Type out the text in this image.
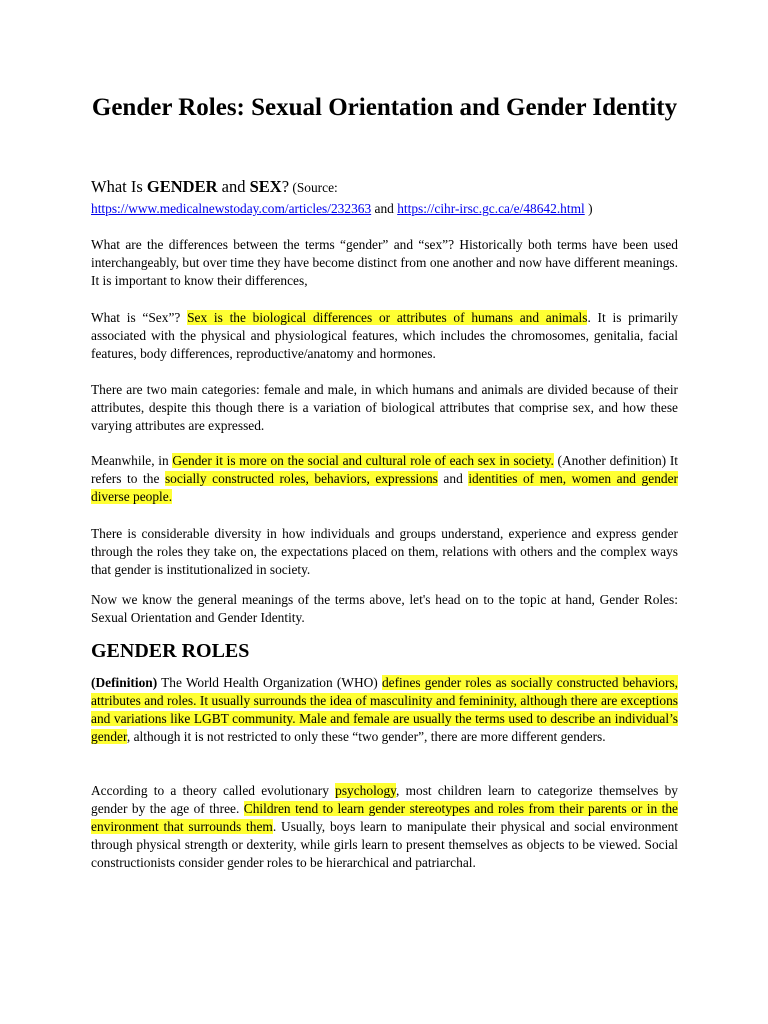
Gender Roles: Sexual Orientation and Gender Identity

What Is GENDER and SEX? (Source:

https://www.medicalnewstoday.com/articles/232363 and https://cihr-irsc.gc.ca/e/48642.html )

What are the differences between the terms “gender” and “sex”? Historically both terms have been used interchangeably, but over time they have become distinct from one another and now have different meanings. It is important to know their differences,

What is “Sex”? Sex is the biological differences or attributes of humans and animals. It is primarily associated with the physical and physiological features, which includes the chromosomes, genitalia, facial features, body differences, reproductive/anatomy and hormones.

There are two main categories: female and male, in which humans and animals are divided because of their attributes, despite this though there is a variation of biological attributes that comprise sex, and how these varying attributes are expressed.

Meanwhile, in Gender it is more on the social and cultural role of each sex in society. (Another definition) It refers to the socially constructed roles, behaviors, expressions and identities of men, women and gender diverse people.

There is considerable diversity in how individuals and groups understand, experience and express gender through the roles they take on, the expectations placed on them, relations with others and the complex ways that gender is institutionalized in society.

Now we know the general meanings of the terms above, let's head on to the topic at hand, Gender Roles: Sexual Orientation and Gender Identity.

GENDER ROLES

(Definition) The World Health Organization (WHO) defines gender roles as socially constructed behaviors, attributes and roles. It usually surrounds the idea of masculinity and femininity, although there are exceptions and variations like LGBT community. Male and female are usually the terms used to describe an individual’s gender, although it is not restricted to only these “two gender”, there are more different genders.

According to a theory called evolutionary psychology, most children learn to categorize themselves by gender by the age of three. Children tend to learn gender stereotypes and roles from their parents or in the environment that surrounds them. Usually, boys learn to manipulate their physical and social environment through physical strength or dexterity, while girls learn to present themselves as objects to be viewed. Social constructionists consider gender roles to be hierarchical and patriarchal.
